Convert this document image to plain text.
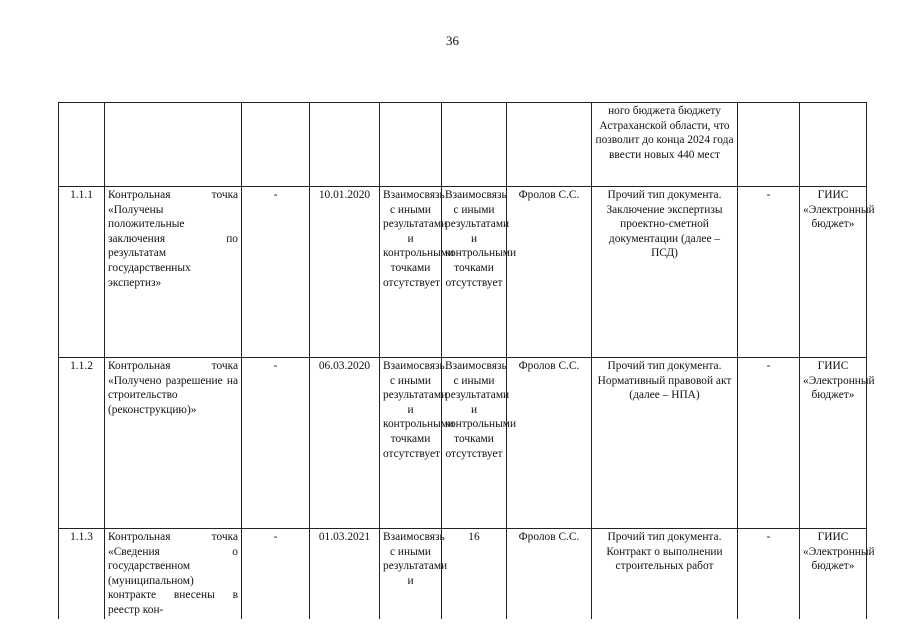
36
							ного бюджета бюджету Астраханской области, что позволит до конца 2024 года ввести новых 440 мест		
1.1.1	Контрольная точка «Получены положительные заключения по результатам государственных экспертиз»	-	10.01.2020	Взаимосвязь с иными результатами и контрольными точками отсутствует	Взаимосвязь с иными результатами и контрольными точками отсутствует	Фролов С.С.	Прочий тип документа. Заключение экспертизы проектно-сметной документации (далее – ПСД)	-	ГИИС «Электронный бюджет»
1.1.2	Контрольная точка «Получено разрешение на строительство (реконструкцию)»	-	06.03.2020	Взаимосвязь с иными результатами и контрольными точками отсутствует	Взаимосвязь с иными результатами и контрольными точками отсутствует	Фролов С.С.	Прочий тип документа. Нормативный правовой акт (далее – НПА)	-	ГИИС «Электронный бюджет»
1.1.3	Контрольная точка «Сведения о государственном (муниципальном) контракте внесены в реестр кон-	-	01.03.2021	Взаимосвязь с иными результатами и	16	Фролов С.С.	Прочий тип документа. Контракт о выполнении строительных работ	-	ГИИС «Электронный бюджет»
